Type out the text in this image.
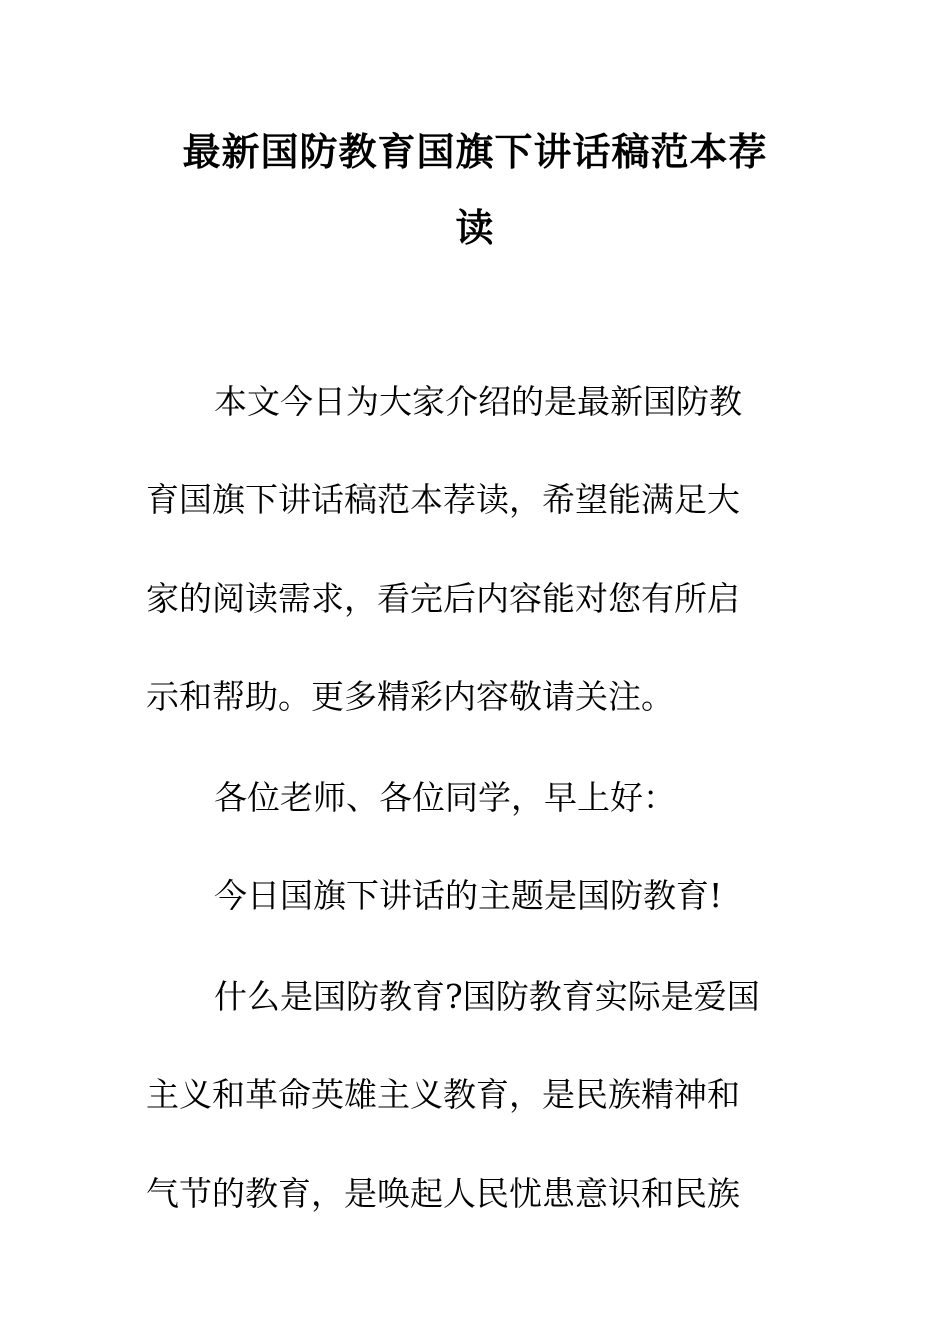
最新国防教育国旗下讲话稿范本荐
读
本文今日为大家介绍的是最新国防教
育国旗下讲话稿范本荐读，希望能满足大
家的阅读需求，看完后内容能对您有所启
示和帮助。更多精彩内容敬请关注。
各位老师、各位同学，早上好：
今日国旗下讲话的主题是国防教育!
什么是国防教育?国防教育实际是爱国
主义和革命英雄主义教育，是民族精神和
气节的教育，是唤起人民忧患意识和民族
